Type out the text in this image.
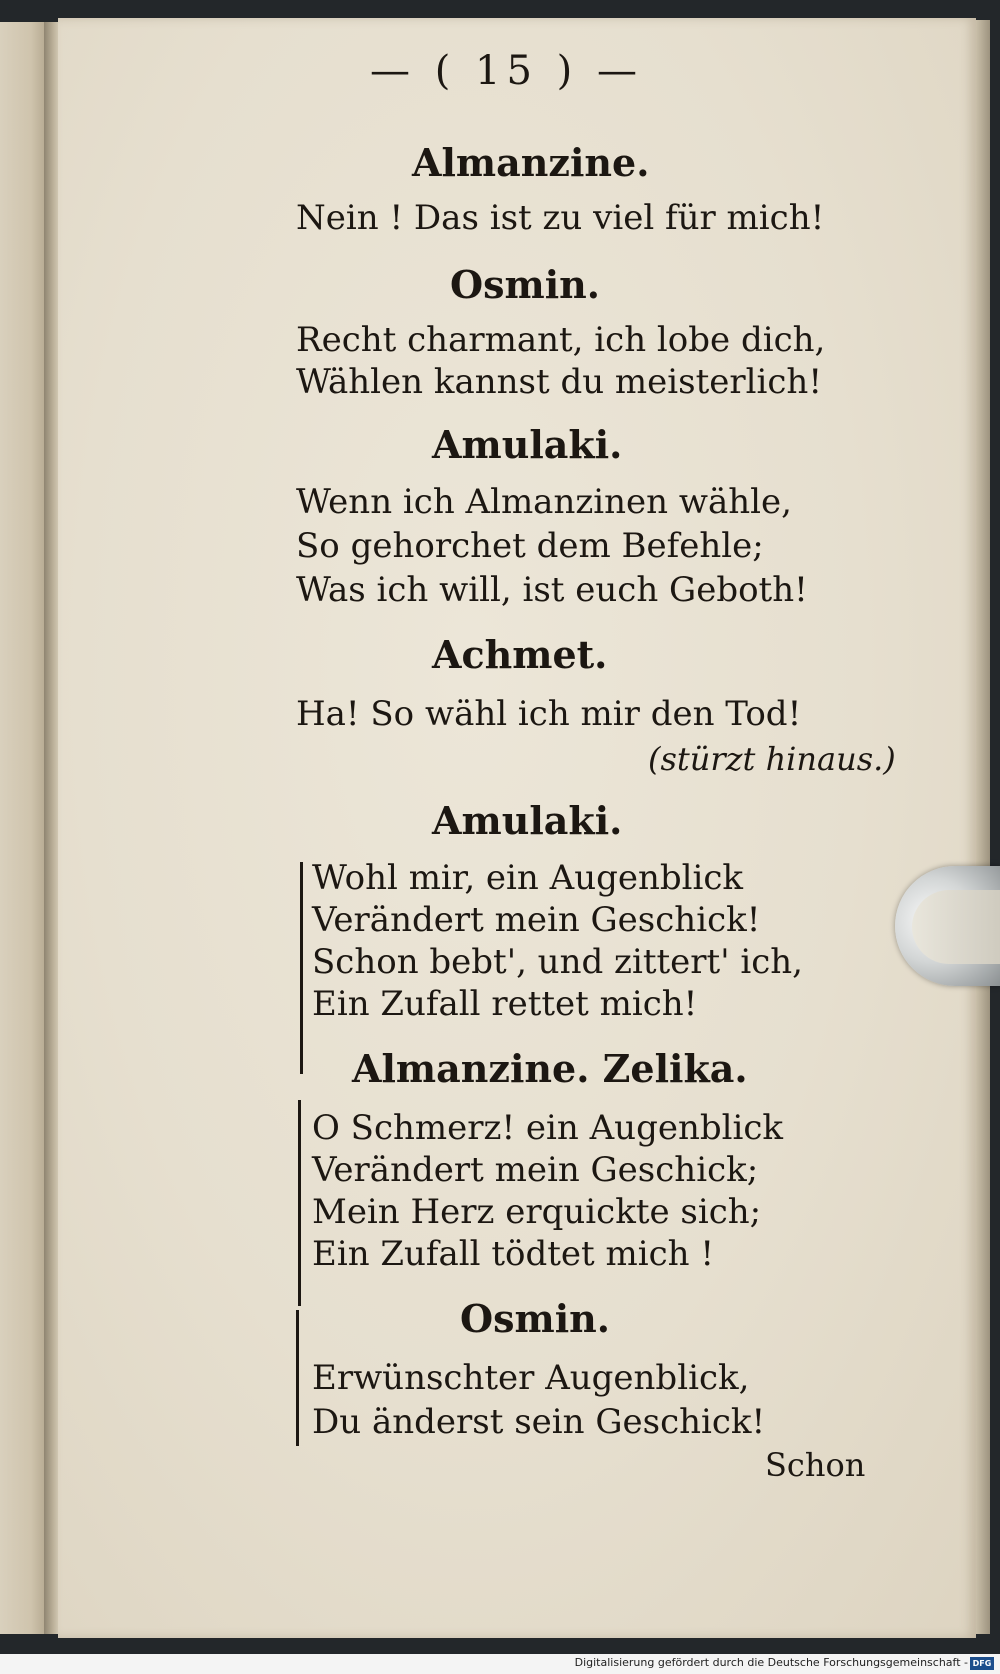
— ( 15 ) —
Almanzine.
Nein ! Das ist zu viel für mich!
Osmin.
Recht charmant, ich lobe dich,
Wählen kannst du meisterlich!
Amulaki.
Wenn ich Almanzinen wähle,
So gehorchet dem Befehle;
Was ich will, ist euch Geboth!
Achmet.
Ha! So wähl ich mir den Tod!
(stürzt hinaus.)
Amulaki.
Wohl mir, ein Augenblick
Verändert mein Geschick!
Schon bebt', und zittert' ich,
Ein Zufall rettet mich!
Almanzine. Zelika.
O Schmerz! ein Augenblick
Verändert mein Geschick;
Mein Herz erquickte sich;
Ein Zufall tödtet mich !
Osmin.
Erwünschter Augenblick,
Du änderst sein Geschick!
Schon
Digitalisierung gefördert durch die Deutsche Forschungsgemeinschaft - DFG
